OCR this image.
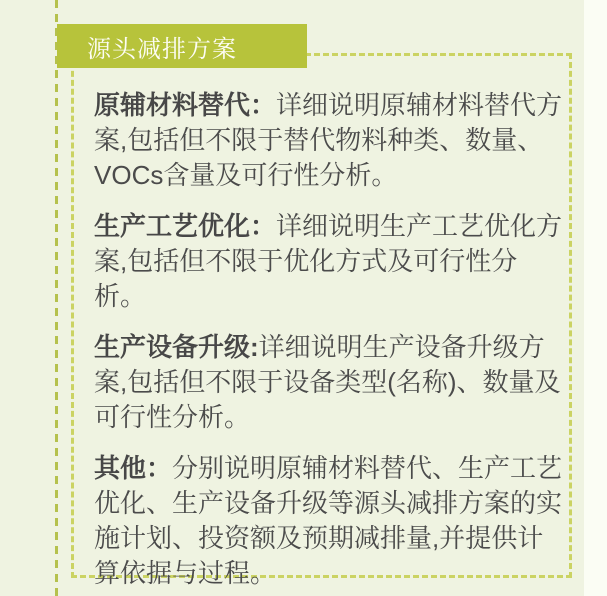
原辅材料替代：详细说明原辅材料替代方案,包括但不限于替代物料种类、数量、VOCs含量及可行性分析。

生产工艺优化：详细说明生产工艺优化方案,包括但不限于优化方式及可行性分析。

生产设备升级:详细说明生产设备升级方案,包括但不限于设备类型(名称)、数量及可行性分析。

其他：分别说明原辅材料替代、生产工艺优化、生产设备升级等源头减排方案的实施计划、投资额及预期减排量,并提供计算依据与过程。

源头减排方案
